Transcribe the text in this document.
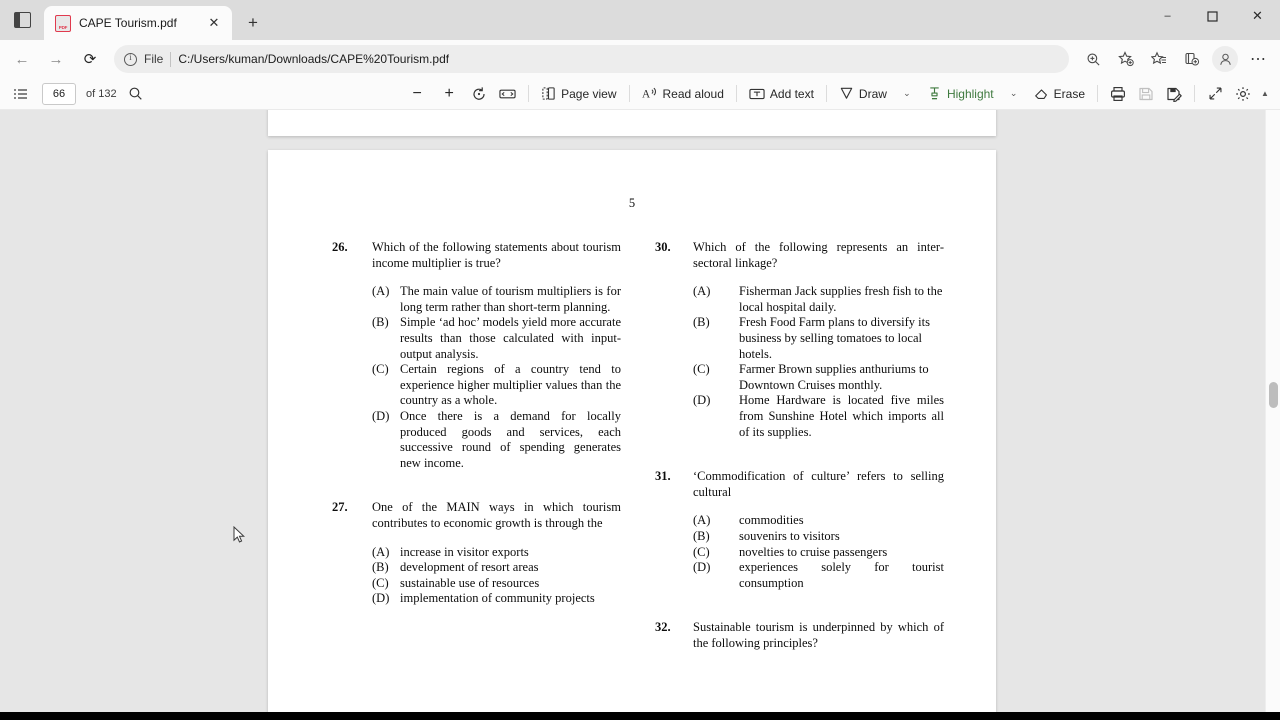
PDF
CAPE Tourism.pdf	✕	+	–	✕
←	→	⟳ i	File C:/Users/kuman/Downloads/CAPE%20Tourism.pdf	⋯
66	of 132	−	+	Page view A Read aloud	Add text	Draw	⌄	Highlight	⌄	Erase	▲
5
26.	Which of the following statements about tourism income multiplier is true?
(A) The main value of tourism multipliers is for long term rather than short-term planning.
(B) Simple ‘ad hoc’ models yield more accurate results than those calculated with input-output analysis.
(C) Certain regions of a country tend to experience higher multiplier values than the country as a whole.
(D) Once there is a demand for locally produced goods and services, each successive round of spending generates new income.
27.	One of the MAIN ways in which tourism contributes to economic growth is through the
(A) increase in visitor exports
(B) development of resort areas
(C) sustainable use of resources
(D) implementation of community projects
30.	Which of the following represents an inter-sectoral linkage?
(A)	Fisherman Jack supplies fresh fish to the local hospital daily.
(B)	Fresh Food Farm plans to diversify its business by selling tomatoes to local hotels.
(C)	Farmer Brown supplies anthuriums to Downtown Cruises monthly.
(D)	Home Hardware is located five miles from Sunshine Hotel which imports all of its supplies.
31.	‘Commodification of culture’ refers to selling cultural
(A)	commodities
(B)	souvenirs to visitors
(C)	novelties to cruise passengers
(D)	experiences solely for tourist consumption
32.	Sustainable tourism is underpinned by which of the following principles?
